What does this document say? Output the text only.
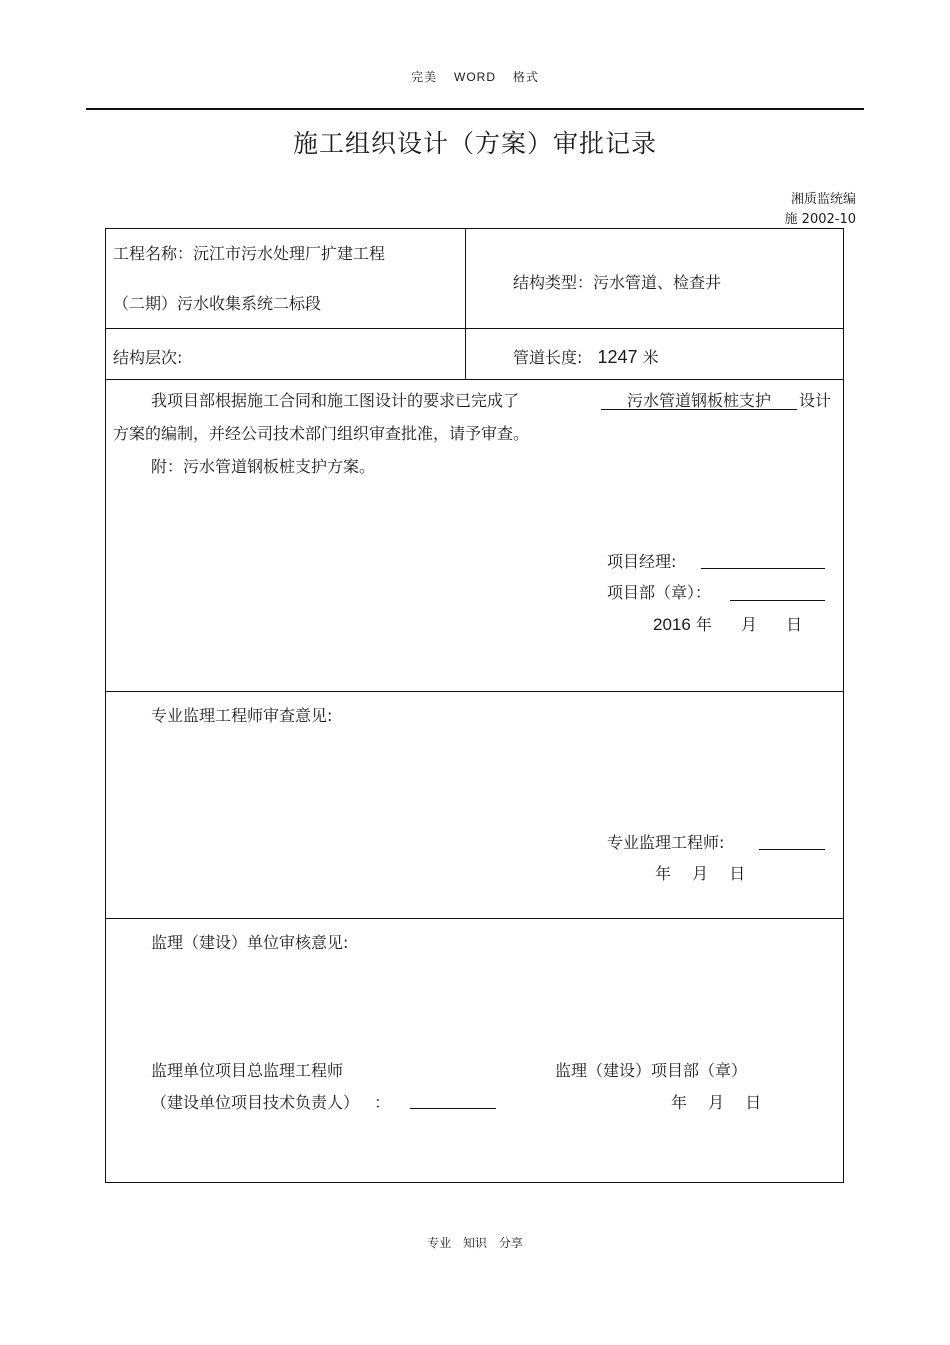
完美 WORD 格式
施工组织设计（方案）审批记录
湘质监统编
施 2002-10
工程名称：沅江市污水处理厂扩建工程
（二期）污水收集系统二标段
结构类型：污水管道、检查井
结构层次:	管道长度: 1247 米
我项目部根据施工合同和施工图设计的要求已完成了	污水管道钢板桩支护	设计
方案的编制，并经公司技术部门组织审查批准，请予审查。
附：污水管道钢板桩支护方案。
项目经理:
项目部（章）：
2016 年 月 日
专业监理工程师审查意见:
专业监理工程师:
年 月 日
监理（建设）单位审核意见:
监理单位项目总监理工程师
（建设单位项目技术负责人） ：
监理（建设）项目部（章）
年 月 日
专业 知识 分享
